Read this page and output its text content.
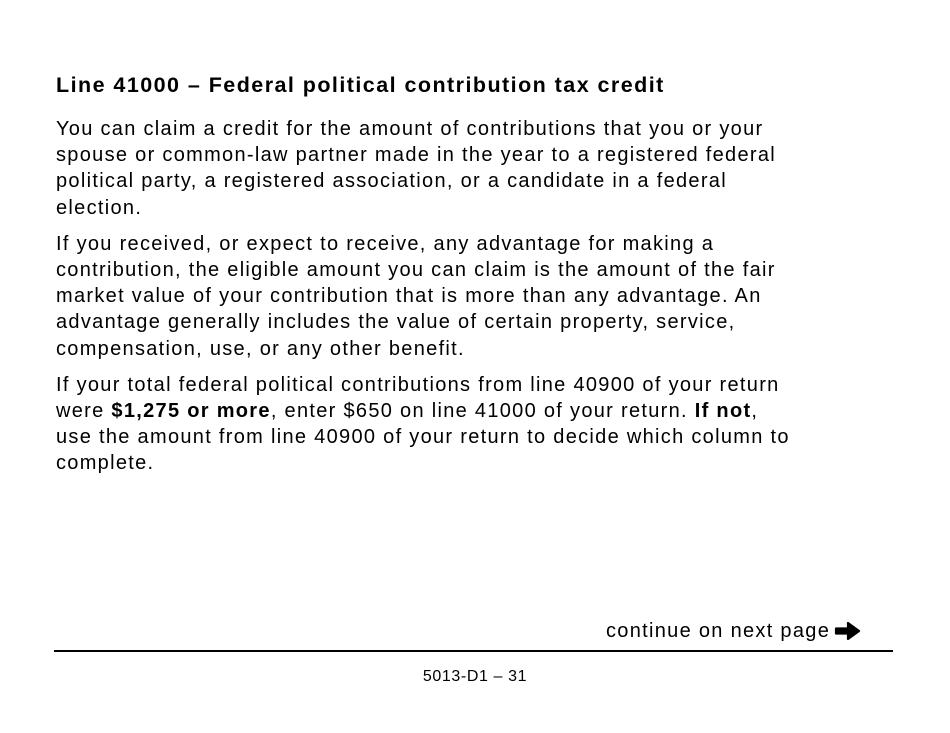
Line 41000 – Federal political contribution tax credit
You can claim a credit for the amount of contributions that you or your
spouse or common-law partner made in the year to a registered federal
political party, a registered association, or a candidate in a federal
election.
If you received, or expect to receive, any advantage for making a
contribution, the eligible amount you can claim is the amount of the fair
market value of your contribution that is more than any advantage. An
advantage generally includes the value of certain property, service,
compensation, use, or any other benefit.
If your total federal political contributions from line 40900 of your return
were $1,275 or more, enter $650 on line 41000 of your return. If not,
use the amount from line 40900 of your return to decide which column to
complete.
continue on next page
5013-D1 – 31
